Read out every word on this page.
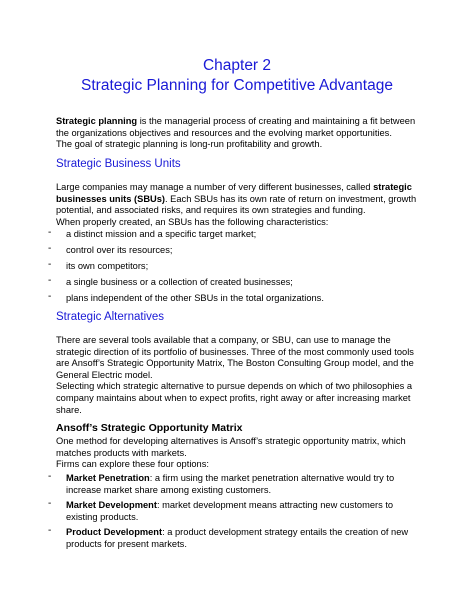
Chapter 2
Strategic Planning for Competitive Advantage

Strategic planning is the managerial process of creating and maintaining a fit between the organizations objectives and resources and the evolving market opportunities.

The goal of strategic planning is long-run profitability and growth.

Strategic Business Units

Large companies may manage a number of very different businesses, called strategic businesses units (SBUs). Each SBUs has its own rate of return on investment, growth potential, and associated risks, and requires its own strategies and funding.

When properly created, an SBUs has the following characteristics:

- a distinct mission and a specific target market;
- control over its resources;
- its own competitors;
- a single business or a collection of created businesses;
- plans independent of the other SBUs in the total organizations.
Strategic Alternatives

There are several tools available that a company, or SBU, can use to manage the strategic direction of its portfolio of businesses. Three of the most commonly used tools are Ansoff’s Strategic Opportunity Matrix, The Boston Consulting Group model, and the General Electric model.

Selecting which strategic alternative to pursue depends on which of two philosophies a company maintains about when to expect profits, right away or after increasing market share.

Ansoff’s Strategic Opportunity Matrix

One method for developing alternatives is Ansoff’s strategic opportunity matrix, which matches products with markets.

Firms can explore these four options:

- Market Penetration: a firm using the market penetration alternative would try to increase market share among existing customers.
- Market Development: market development means attracting new customers to existing products.
- Product Development: a product development strategy entails the creation of new products for present markets.
